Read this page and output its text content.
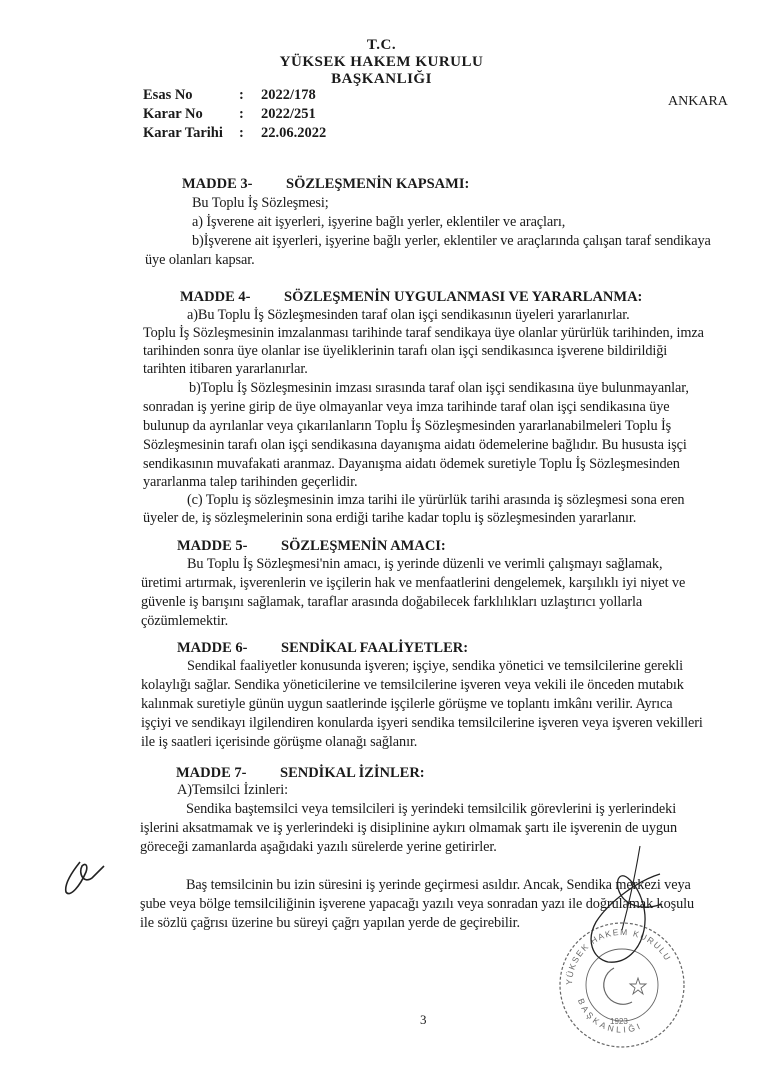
T.C.
YÜKSEK HAKEM KURULU
BAŞKANLIĞI
Esas No	:	2022/178
Karar No	:	2022/251
Karar Tarihi	:	22.06.2022
ANKARA
MADDE 3- SÖZLEŞMENİN KAPSAMI:
Bu Toplu İş Sözleşmesi;
a) İşverene ait işyerleri, işyerine bağlı yerler, eklentiler ve araçları,
b)İşverene ait işyerleri, işyerine bağlı yerler, eklentiler ve araçlarında çalışan taraf sendikaya
üye olanları kapsar.
MADDE 4- SÖZLEŞMENİN UYGULANMASI VE YARARLANMA:
a)Bu Toplu İş Sözleşmesinden taraf olan işçi sendikasının üyeleri yararlanırlar.
Toplu İş Sözleşmesinin imzalanması tarihinde taraf sendikaya üye olanlar yürürlük tarihinden, imza
tarihinden sonra üye olanlar ise üyeliklerinin tarafı olan işçi sendikasınca işverene bildirildiği
tarihten itibaren yararlanırlar.
b)Toplu İş Sözleşmesinin imzası sırasında taraf olan işçi sendikasına üye bulunmayanlar,
sonradan iş yerine girip de üye olmayanlar veya imza tarihinde taraf olan işçi sendikasına üye
bulunup da ayrılanlar veya çıkarılanların Toplu İş Sözleşmesinden yararlanabilmeleri Toplu İş
Sözleşmesinin tarafı olan işçi sendikasına dayanışma aidatı ödemelerine bağlıdır. Bu hususta işçi
sendikasının muvafakati aranmaz. Dayanışma aidatı ödemek suretiyle Toplu İş Sözleşmesinden
yararlanma talep tarihinden geçerlidir.
(c) Toplu iş sözleşmesinin imza tarihi ile yürürlük tarihi arasında iş sözleşmesi sona eren
üyeler de, iş sözleşmelerinin sona erdiği tarihe kadar toplu iş sözleşmesinden yararlanır.
MADDE 5- SÖZLEŞMENİN AMACI:
Bu Toplu İş Sözleşmesi'nin amacı, iş yerinde düzenli ve verimli çalışmayı sağlamak,
üretimi artırmak, işverenlerin ve işçilerin hak ve menfaatlerini dengelemek, karşılıklı iyi niyet ve
güvenle iş barışını sağlamak, taraflar arasında doğabilecek farklılıkları uzlaştırıcı yollarla
çözümlemektir.
MADDE 6- SENDİKAL FAALİYETLER:
Sendikal faaliyetler konusunda işveren; işçiye, sendika yönetici ve temsilcilerine gerekli
kolaylığı sağlar. Sendika yöneticilerine ve temsilcilerine işveren veya vekili ile önceden mutabık
kalınmak suretiyle günün uygun saatlerinde işçilerle görüşme ve toplantı imkânı verilir. Ayrıca
işçiyi ve sendikayı ilgilendiren konularda işyeri sendika temsilcilerine işveren veya işveren vekilleri
ile iş saatleri içerisinde görüşme olanağı sağlanır.
MADDE 7- SENDİKAL İZİNLER:
A)Temsilci İzinleri:
Sendika baştemsilci veya temsilcileri iş yerindeki temsilcilik görevlerini iş yerlerindeki
işlerini aksatmamak ve iş yerlerindeki iş disiplinine aykırı olmamak şartı ile işverenin de uygun
göreceği zamanlarda aşağıdaki yazılı sürelerde yerine getirirler.
Baş temsilcinin bu izin süresini iş yerinde geçirmesi asıldır. Ancak, Sendika merkezi veya
şube veya bölge temsilciliğinin işverene yapacağı yazılı veya sonradan yazı ile doğrulamak koşulu
ile sözlü çağrısı üzerine bu süreyi çağrı yapılan yerde de geçirebilir.
3
YÜKSEK HAKEM KURULU
BAŞKANLIĞI
1923
